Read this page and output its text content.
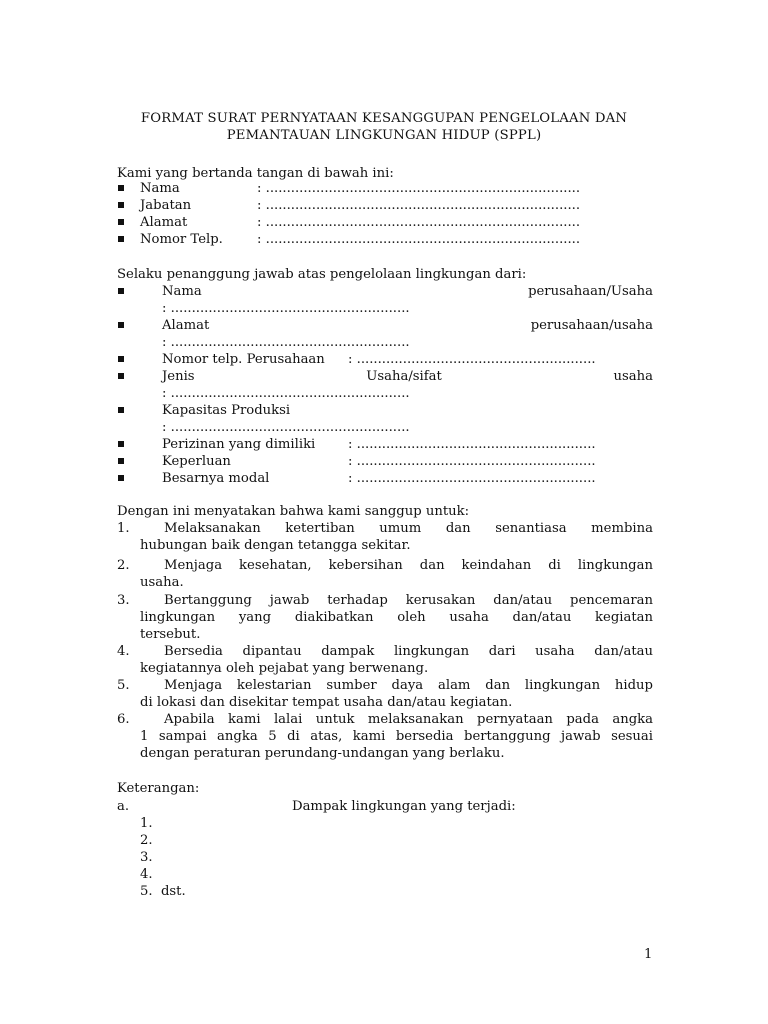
FORMAT SURAT PERNYATAAN KESANGGUPAN PENGELOLAAN DAN
PEMANTAUAN LINGKUNGAN HIDUP (SPPL)
Kami yang bertanda tangan di bawah ini:
Nama	: ...........................................................................
Jabatan	: ...........................................................................
Alamat	: ...........................................................................
Nomor Telp.	: ...........................................................................
Selaku penanggung jawab atas pengelolaan lingkungan dari:
Nama	perusahaan/Usaha
: .........................................................
Alamat	perusahaan/usaha
: .........................................................
Nomor telp. Perusahaan : .........................................................
Jenis	Usaha/sifat	usaha
: .........................................................
Kapasitas Produksi
: .........................................................
Perizinan yang dimiliki : .........................................................
Keperluan	: .........................................................
Besarnya modal	: .........................................................
Dengan ini menyatakan bahwa kami sanggup untuk:
1.	Melaksanakan ketertiban umum dan senantiasa membina
hubungan baik dengan tetangga sekitar.
2.	Menjaga kesehatan, kebersihan dan keindahan di lingkungan
usaha.
3.	Bertanggung jawab terhadap kerusakan dan/atau pencemaran
lingkungan yang diakibatkan oleh usaha dan/atau kegiatan
tersebut.
4.	Bersedia dipantau dampak lingkungan dari usaha dan/atau
kegiatannya oleh pejabat yang berwenang.
5.	Menjaga kelestarian sumber daya alam dan lingkungan hidup
di lokasi dan disekitar tempat usaha dan/atau kegiatan.
6.	Apabila kami lalai untuk melaksanakan pernyataan pada angka
1 sampai angka 5 di atas, kami bersedia bertanggung jawab sesuai
dengan peraturan perundang-undangan yang berlaku.
Keterangan:
a.	Dampak lingkungan yang terjadi:
1.
2.
3.
4.
5.  dst.
1
